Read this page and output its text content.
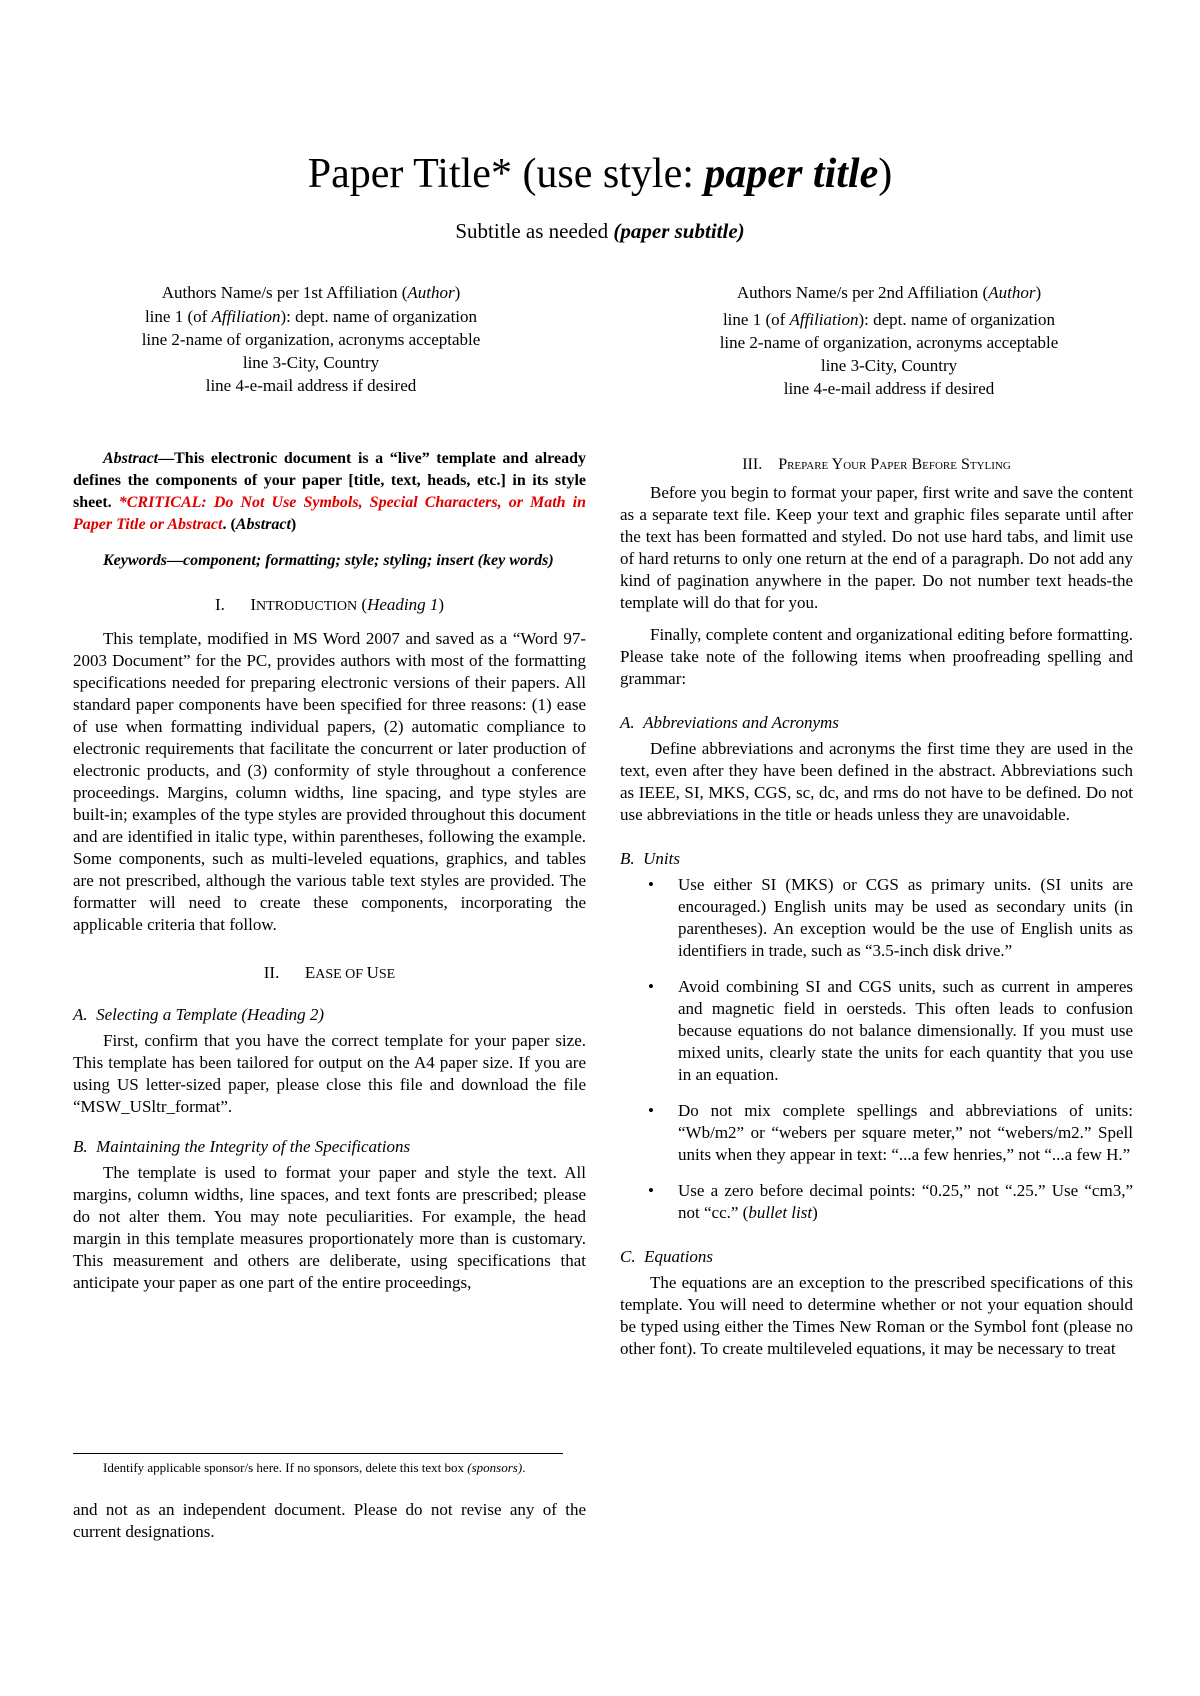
Paper Title* (use style: paper title)
Subtitle as needed (paper subtitle)
Authors Name/s per 1st Affiliation (Author)
line 1 (of Affiliation): dept. name of organization
line 2-name of organization, acronyms acceptable
line 3-City, Country
line 4-e-mail address if desired
Authors Name/s per 2nd Affiliation (Author)
line 1 (of Affiliation): dept. name of organization
line 2-name of organization, acronyms acceptable
line 3-City, Country
line 4-e-mail address if desired

Abstract—This electronic document is a “live” template and already defines the components of your paper [title, text, heads, etc.] in its style sheet. *CRITICAL: Do Not Use Symbols, Special Characters, or Math in Paper Title or Abstract. (Abstract)

Keywords—component; formatting; style; styling; insert (key words)

I. INTRODUCTION (Heading 1)

This template, modified in MS Word 2007 and saved as a “Word 97-2003 Document” for the PC, provides authors with most of the formatting specifications needed for preparing electronic versions of their papers. All standard paper components have been specified for three reasons: (1) ease of use when formatting individual papers, (2) automatic compliance to electronic requirements that facilitate the concurrent or later production of electronic products, and (3) conformity of style throughout a conference proceedings. Margins, column widths, line spacing, and type styles are built-in; examples of the type styles are provided throughout this document and are identified in italic type, within parentheses, following the example. Some components, such as multi-leveled equations, graphics, and tables are not prescribed, although the various table text styles are provided. The formatter will need to create these components, incorporating the applicable criteria that follow.

II. EASE OF USE
A.  Selecting a Template (Heading 2)

First, confirm that you have the correct template for your paper size. This template has been tailored for output on the A4 paper size. If you are using US letter-sized paper, please close this file and download the file “MSW_USltr_format”.

B.  Maintaining the Integrity of the Specifications

The template is used to format your paper and style the text. All margins, column widths, line spaces, and text fonts are prescribed; please do not alter them. You may note peculiarities. For example, the head margin in this template measures proportionately more than is customary. This measurement and others are deliberate, using specifications that anticipate your paper as one part of the entire proceedings,

Identify applicable sponsor/s here. If no sponsors, delete this text box (sponsors).
and not as an independent document. Please do not revise any of the current designations.
III. Prepare Your Paper Before Styling

Before you begin to format your paper, first write and save the content as a separate text file. Keep your text and graphic files separate until after the text has been formatted and styled. Do not use hard tabs, and limit use of hard returns to only one return at the end of a paragraph. Do not add any kind of pagination anywhere in the paper. Do not number text heads-the template will do that for you.

Finally, complete content and organizational editing before formatting. Please take note of the following items when proofreading spelling and grammar:

A.  Abbreviations and Acronyms

Define abbreviations and acronyms the first time they are used in the text, even after they have been defined in the abstract. Abbreviations such as IEEE, SI, MKS, CGS, sc, dc, and rms do not have to be defined. Do not use abbreviations in the title or heads unless they are unavoidable.

B.  Units
• Use either SI (MKS) or CGS as primary units. (SI units are encouraged.) English units may be used as secondary units (in parentheses). An exception would be the use of English units as identifiers in trade, such as “3.5-inch disk drive.”
• Avoid combining SI and CGS units, such as current in amperes and magnetic field in oersteds. This often leads to confusion because equations do not balance dimensionally. If you must use mixed units, clearly state the units for each quantity that you use in an equation.
• Do not mix complete spellings and abbreviations of units: “Wb/m2” or “webers per square meter,” not “webers/m2.” Spell units when they appear in text: “...a few henries,” not “...a few H.”
• Use a zero before decimal points: “0.25,” not “.25.” Use “cm3,” not “cc.” (bullet list)
C.  Equations

The equations are an exception to the prescribed specifications of this template. You will need to determine whether or not your equation should be typed using either the Times New Roman or the Symbol font (please no other font). To create multileveled equations, it may be necessary to treat
